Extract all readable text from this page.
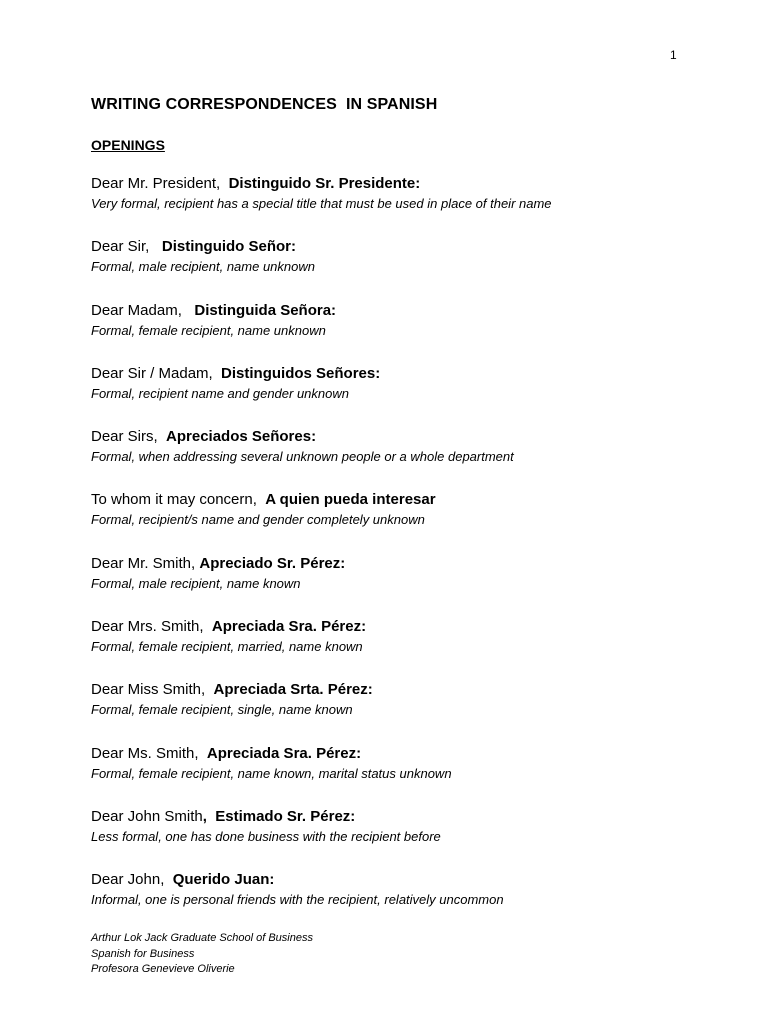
1
WRITING CORRESPONDENCES  IN SPANISH
OPENINGS
Dear Mr. President,  Distinguido Sr. Presidente:
Very formal, recipient has a special title that must be used in place of their name
Dear Sir,   Distinguido Señor:
Formal, male recipient, name unknown
Dear Madam,   Distinguida Señora:
Formal, female recipient, name unknown
Dear Sir / Madam,  Distinguidos Señores:
Formal, recipient name and gender unknown
Dear Sirs,  Apreciados Señores:
Formal, when addressing several unknown people or a whole department
To whom it may concern,  A quien pueda interesar
Formal, recipient/s name and gender completely unknown
Dear Mr. Smith, Apreciado Sr. Pérez:
Formal, male recipient, name known
Dear Mrs. Smith,  Apreciada Sra. Pérez:
Formal, female recipient, married, name known
Dear Miss Smith,  Apreciada Srta. Pérez:
Formal, female recipient, single, name known
Dear Ms. Smith,  Apreciada Sra. Pérez:
Formal, female recipient, name known, marital status unknown
Dear John Smith,  Estimado Sr. Pérez:
Less formal, one has done business with the recipient before
Dear John,  Querido Juan:
Informal, one is personal friends with the recipient, relatively uncommon
Arthur Lok Jack Graduate School of Business
Spanish for Business
Profesora Genevieve Oliverie
